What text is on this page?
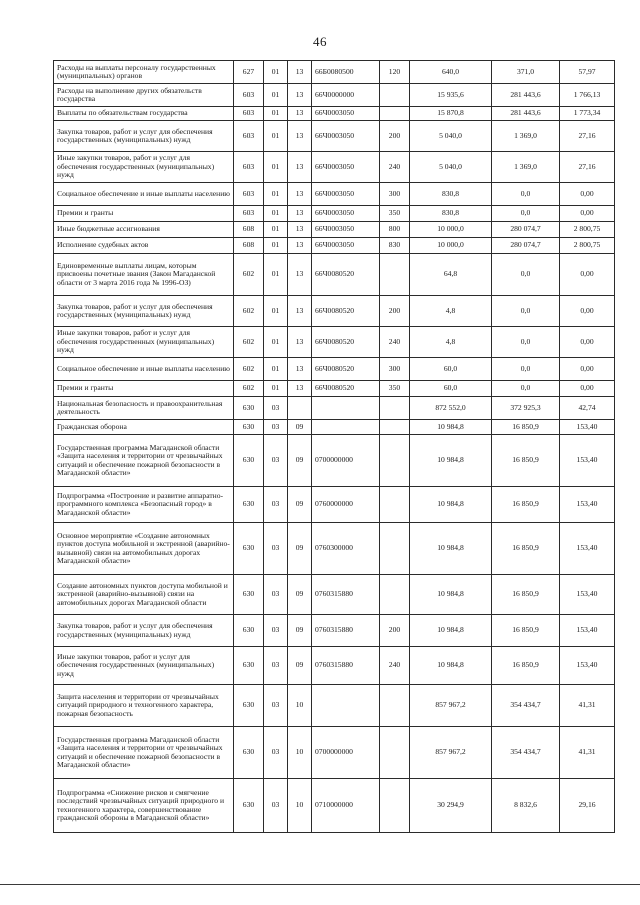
46
Расходы на выплаты персоналу государственных (муниципальных) органов	627	01	13	66Б0080500	120	640,0	371,0	57,97
Расходы на выполнение других обязательств государства	603	01	13	66Ч0000000		15 935,6	281 443,6	1 766,13
Выплаты по обязательствам государства	603	01	13	66Ч0003050		15 870,8	281 443,6	1 773,34
Закупка товаров, работ и услуг для обеспечения государственных (муниципальных) нужд	603	01	13	66Ч0003050	200	5 040,0	1 369,0	27,16
Иные закупки товаров, работ и услуг для обеспечения государственных (муниципальных) нужд	603	01	13	66Ч0003050	240	5 040,0	1 369,0	27,16
Социальное обеспечение и иные выплаты населению	603	01	13	66Ч0003050	300	830,8	0,0	0,00
Премии и гранты	603	01	13	66Ч0003050	350	830,8	0,0	0,00
Иные бюджетные ассигнования	608	01	13	66Ч0003050	800	10 000,0	280 074,7	2 800,75
Исполнение судебных актов	608	01	13	66Ч0003050	830	10 000,0	280 074,7	2 800,75
Единовременные выплаты лицам, которым присвоены почетные звания (Закон Магаданской области от 3 марта 2016 года № 1996-ОЗ)	602	01	13	66Ч0080520		64,8	0,0	0,00
Закупка товаров, работ и услуг для обеспечения государственных (муниципальных) нужд	602	01	13	66Ч0080520	200	4,8	0,0	0,00
Иные закупки товаров, работ и услуг для обеспечения государственных (муниципальных) нужд	602	01	13	66Ч0080520	240	4,8	0,0	0,00
Социальное обеспечение и иные выплаты населению	602	01	13	66Ч0080520	300	60,0	0,0	0,00
Премии и гранты	602	01	13	66Ч0080520	350	60,0	0,0	0,00
Национальная безопасность и правоохранительная деятельность	630	03				872 552,0	372 925,3	42,74
Гражданская оборона	630	03	09			10 984,8	16 850,9	153,40
Государственная программа Магаданской области «Защита населения и территории от чрезвычайных ситуаций и обеспечение пожарной безопасности в Магаданской области»	630	03	09	0700000000		10 984,8	16 850,9	153,40
Подпрограмма «Построение и развитие аппаратно-программного комплекса «Безопасный город» в Магаданской области»	630	03	09	0760000000		10 984,8	16 850,9	153,40
Основное мероприятие «Создание автономных пунктов доступа мобильной и экстренной (аварийно-вызывной) связи на автомобильных дорогах Магаданской области»	630	03	09	0760300000		10 984,8	16 850,9	153,40
Создание автономных пунктов доступа мобильной и экстренной (аварийно-вызывной) связи на автомобильных дорогах Магаданской области	630	03	09	0760315880		10 984,8	16 850,9	153,40
Закупка товаров, работ и услуг для обеспечения государственных (муниципальных) нужд	630	03	09	0760315880	200	10 984,8	16 850,9	153,40
Иные закупки товаров, работ и услуг для обеспечения государственных (муниципальных) нужд	630	03	09	0760315880	240	10 984,8	16 850,9	153,40
Защита населения и территории от чрезвычайных ситуаций природного и техногенного характера, пожарная безопасность	630	03	10			857 967,2	354 434,7	41,31
Государственная программа Магаданской области «Защита населения и территории от чрезвычайных ситуаций и обеспечение пожарной безопасности в Магаданской области»	630	03	10	0700000000		857 967,2	354 434,7	41,31
Подпрограмма «Снижение рисков и смягчение последствий чрезвычайных ситуаций природного и техногенного характера, совершенствование гражданской обороны в Магаданской области»	630	03	10	0710000000		30 294,9	8 832,6	29,16
